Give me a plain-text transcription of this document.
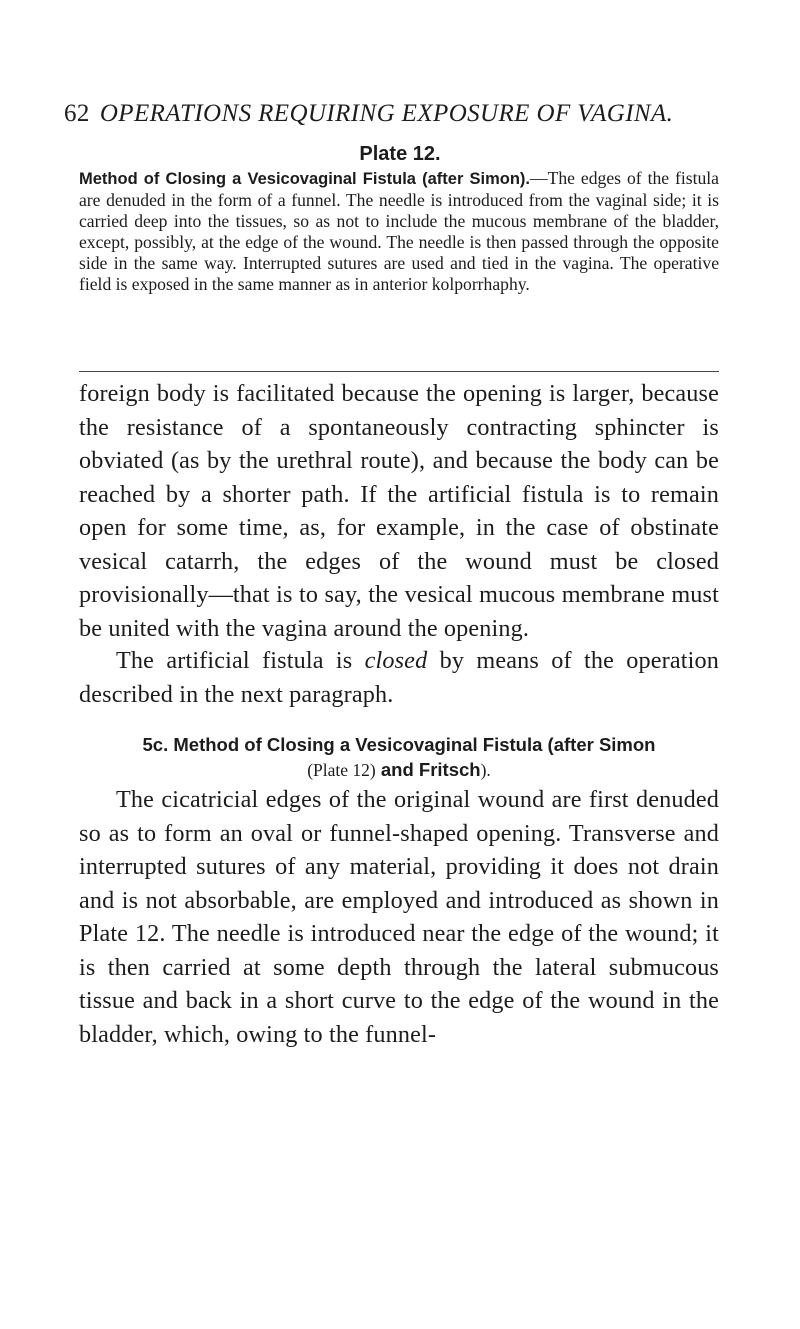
62 OPERATIONS REQUIRING EXPOSURE OF VAGINA.
Plate 12.

Method of Closing a Vesicovaginal Fistula (after Simon).—The edges of the fistula are denuded in the form of a funnel. The needle is introduced from the vaginal side; it is carried deep into the tissues, so as not to include the mucous membrane of the bladder, except, possibly, at the edge of the wound. The needle is then passed through the opposite side in the same way. Interrupted sutures are used and tied in the vagina. The operative field is exposed in the same manner as in anterior kolporrhaphy.

foreign body is facilitated because the opening is larger, because the resistance of a spontaneously contracting sphincter is obviated (as by the urethral route), and because the body can be reached by a shorter path. If the artificial fistula is to remain open for some time, as, for example, in the case of obstinate vesical catarrh, the edges of the wound must be closed provisionally—that is to say, the vesical mucous membrane must be united with the vagina around the opening.

The artificial fistula is closed by means of the operation described in the next paragraph.

5c. Method of Closing a Vesicovaginal Fistula (after Simon
(Plate 12) and Fritsch).

The cicatricial edges of the original wound are first denuded so as to form an oval or funnel-shaped opening. Transverse and interrupted sutures of any material, providing it does not drain and is not absorbable, are employed and introduced as shown in Plate 12. The needle is introduced near the edge of the wound; it is then carried at some depth through the lateral submucous tissue and back in a short curve to the edge of the wound in the bladder, which, owing to the funnel-
